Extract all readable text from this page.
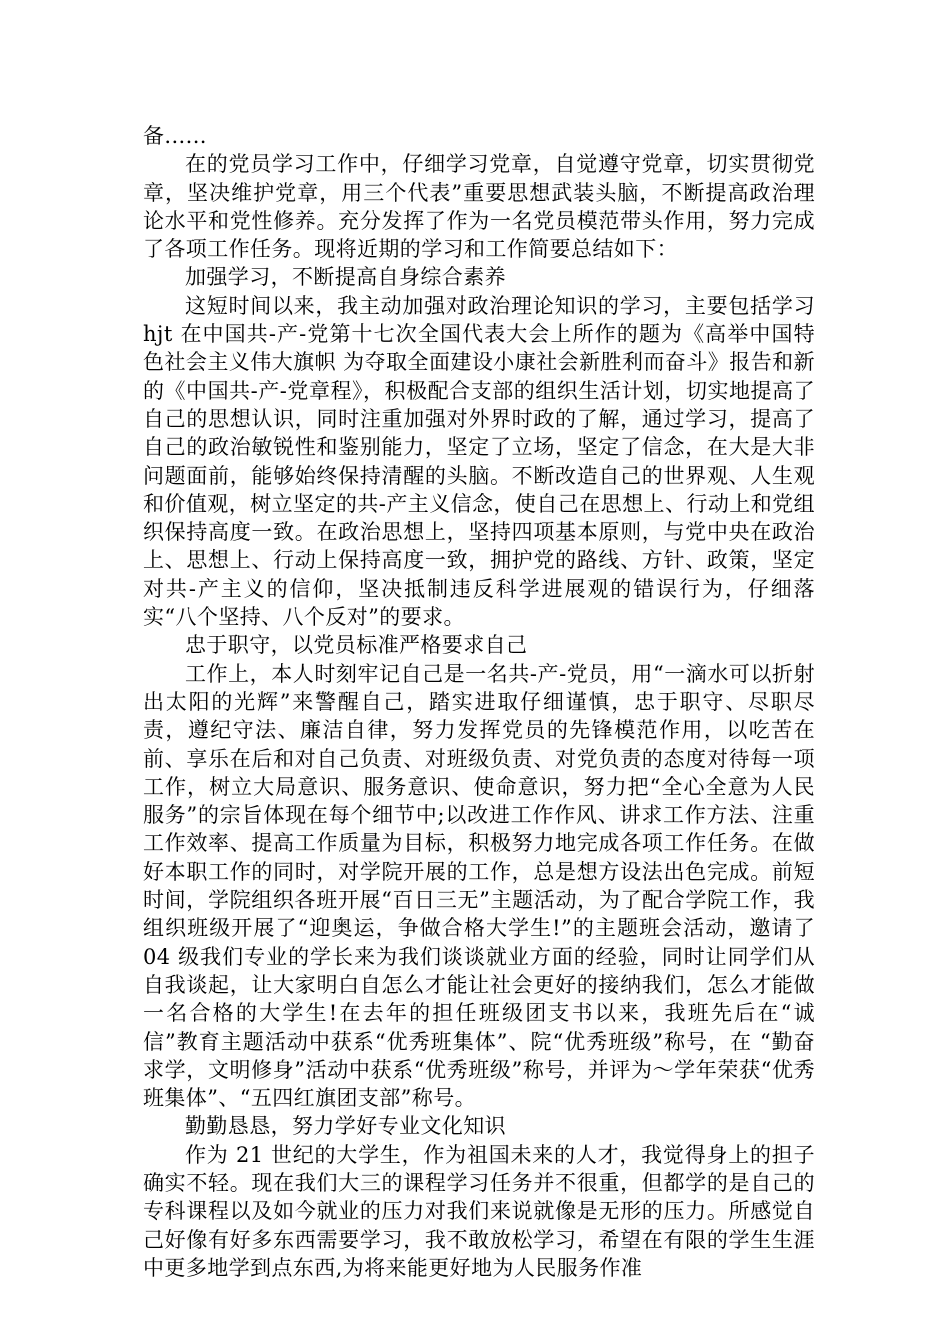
备......

在的党员学习工作中，仔细学习党章，自觉遵守党章，切实贯彻党章，坚决维护党章，用三个代表”重要思想武装头脑，不断提高政治理论水平和党性修养。充分发挥了作为一名党员模范带头作用，努力完成了各项工作任务。现将近期的学习和工作简要总结如下：

加强学习，不断提高自身综合素养

这短时间以来，我主动加强对政治理论知识的学习，主要包括学习 hjt 在中国共-产-党第十七次全国代表大会上所作的题为《高举中国特色社会主义伟大旗帜 为夺取全面建设小康社会新胜利而奋斗》报告和新的《中国共-产-党章程》，积极配合支部的组织生活计划，切实地提高了自己的思想认识，同时注重加强对外界时政的了解，通过学习，提高了自己的政治敏锐性和鉴别能力，坚定了立场，坚定了信念，在大是大非问题面前，能够始终保持清醒的头脑。不断改造自己的世界观、人生观和价值观，树立坚定的共-产主义信念，使自己在思想上、行动上和党组织保持高度一致。在政治思想上，坚持四项基本原则，与党中央在政治上、思想上、行动上保持高度一致，拥护党的路线、方针、政策，坚定对共-产主义的信仰，坚决抵制违反科学进展观的错误行为，仔细落实“八个坚持、八个反对”的要求。

忠于职守，以党员标准严格要求自己

工作上，本人时刻牢记自己是一名共-产-党员，用“一滴水可以折射出太阳的光辉”来警醒自己，踏实进取仔细谨慎，忠于职守、尽职尽责，遵纪守法、廉洁自律，努力发挥党员的先锋模范作用，以吃苦在前、享乐在后和对自己负责、对班级负责、对党负责的态度对待每一项工作，树立大局意识、服务意识、使命意识，努力把“全心全意为人民服务”的宗旨体现在每个细节中;以改进工作作风、讲求工作方法、注重工作效率、提高工作质量为目标，积极努力地完成各项工作任务。在做好本职工作的同时，对学院开展的工作，总是想方设法出色完成。前短时间，学院组织各班开展“百日三无”主题活动，为了配合学院工作，我组织班级开展了“迎奥运，争做合格大学生!”的主题班会活动，邀请了 04 级我们专业的学长来为我们谈谈就业方面的经验，同时让同学们从自我谈起，让大家明白自怎么才能让社会更好的接纳我们，怎么才能做一名合格的大学生!在去年的担任班级团支书以来，我班先后在“诚信”教育主题活动中获系“优秀班集体”、院“优秀班级”称号，在 “勤奋求学，文明修身”活动中获系“优秀班级”称号，并评为～学年荣获“优秀班集体”、“五四红旗团支部”称号。

勤勤恳恳，努力学好专业文化知识

作为 21 世纪的大学生，作为祖国未来的人才，我觉得身上的担子确实不轻。现在我们大三的课程学习任务并不很重，但都学的是自己的专科课程以及如今就业的压力对我们来说就像是无形的压力。所感觉自己好像有好多东西需要学习，我不敢放松学习，希望在有限的学生生涯中更多地学到点东西,为将来能更好地为人民服务作准
